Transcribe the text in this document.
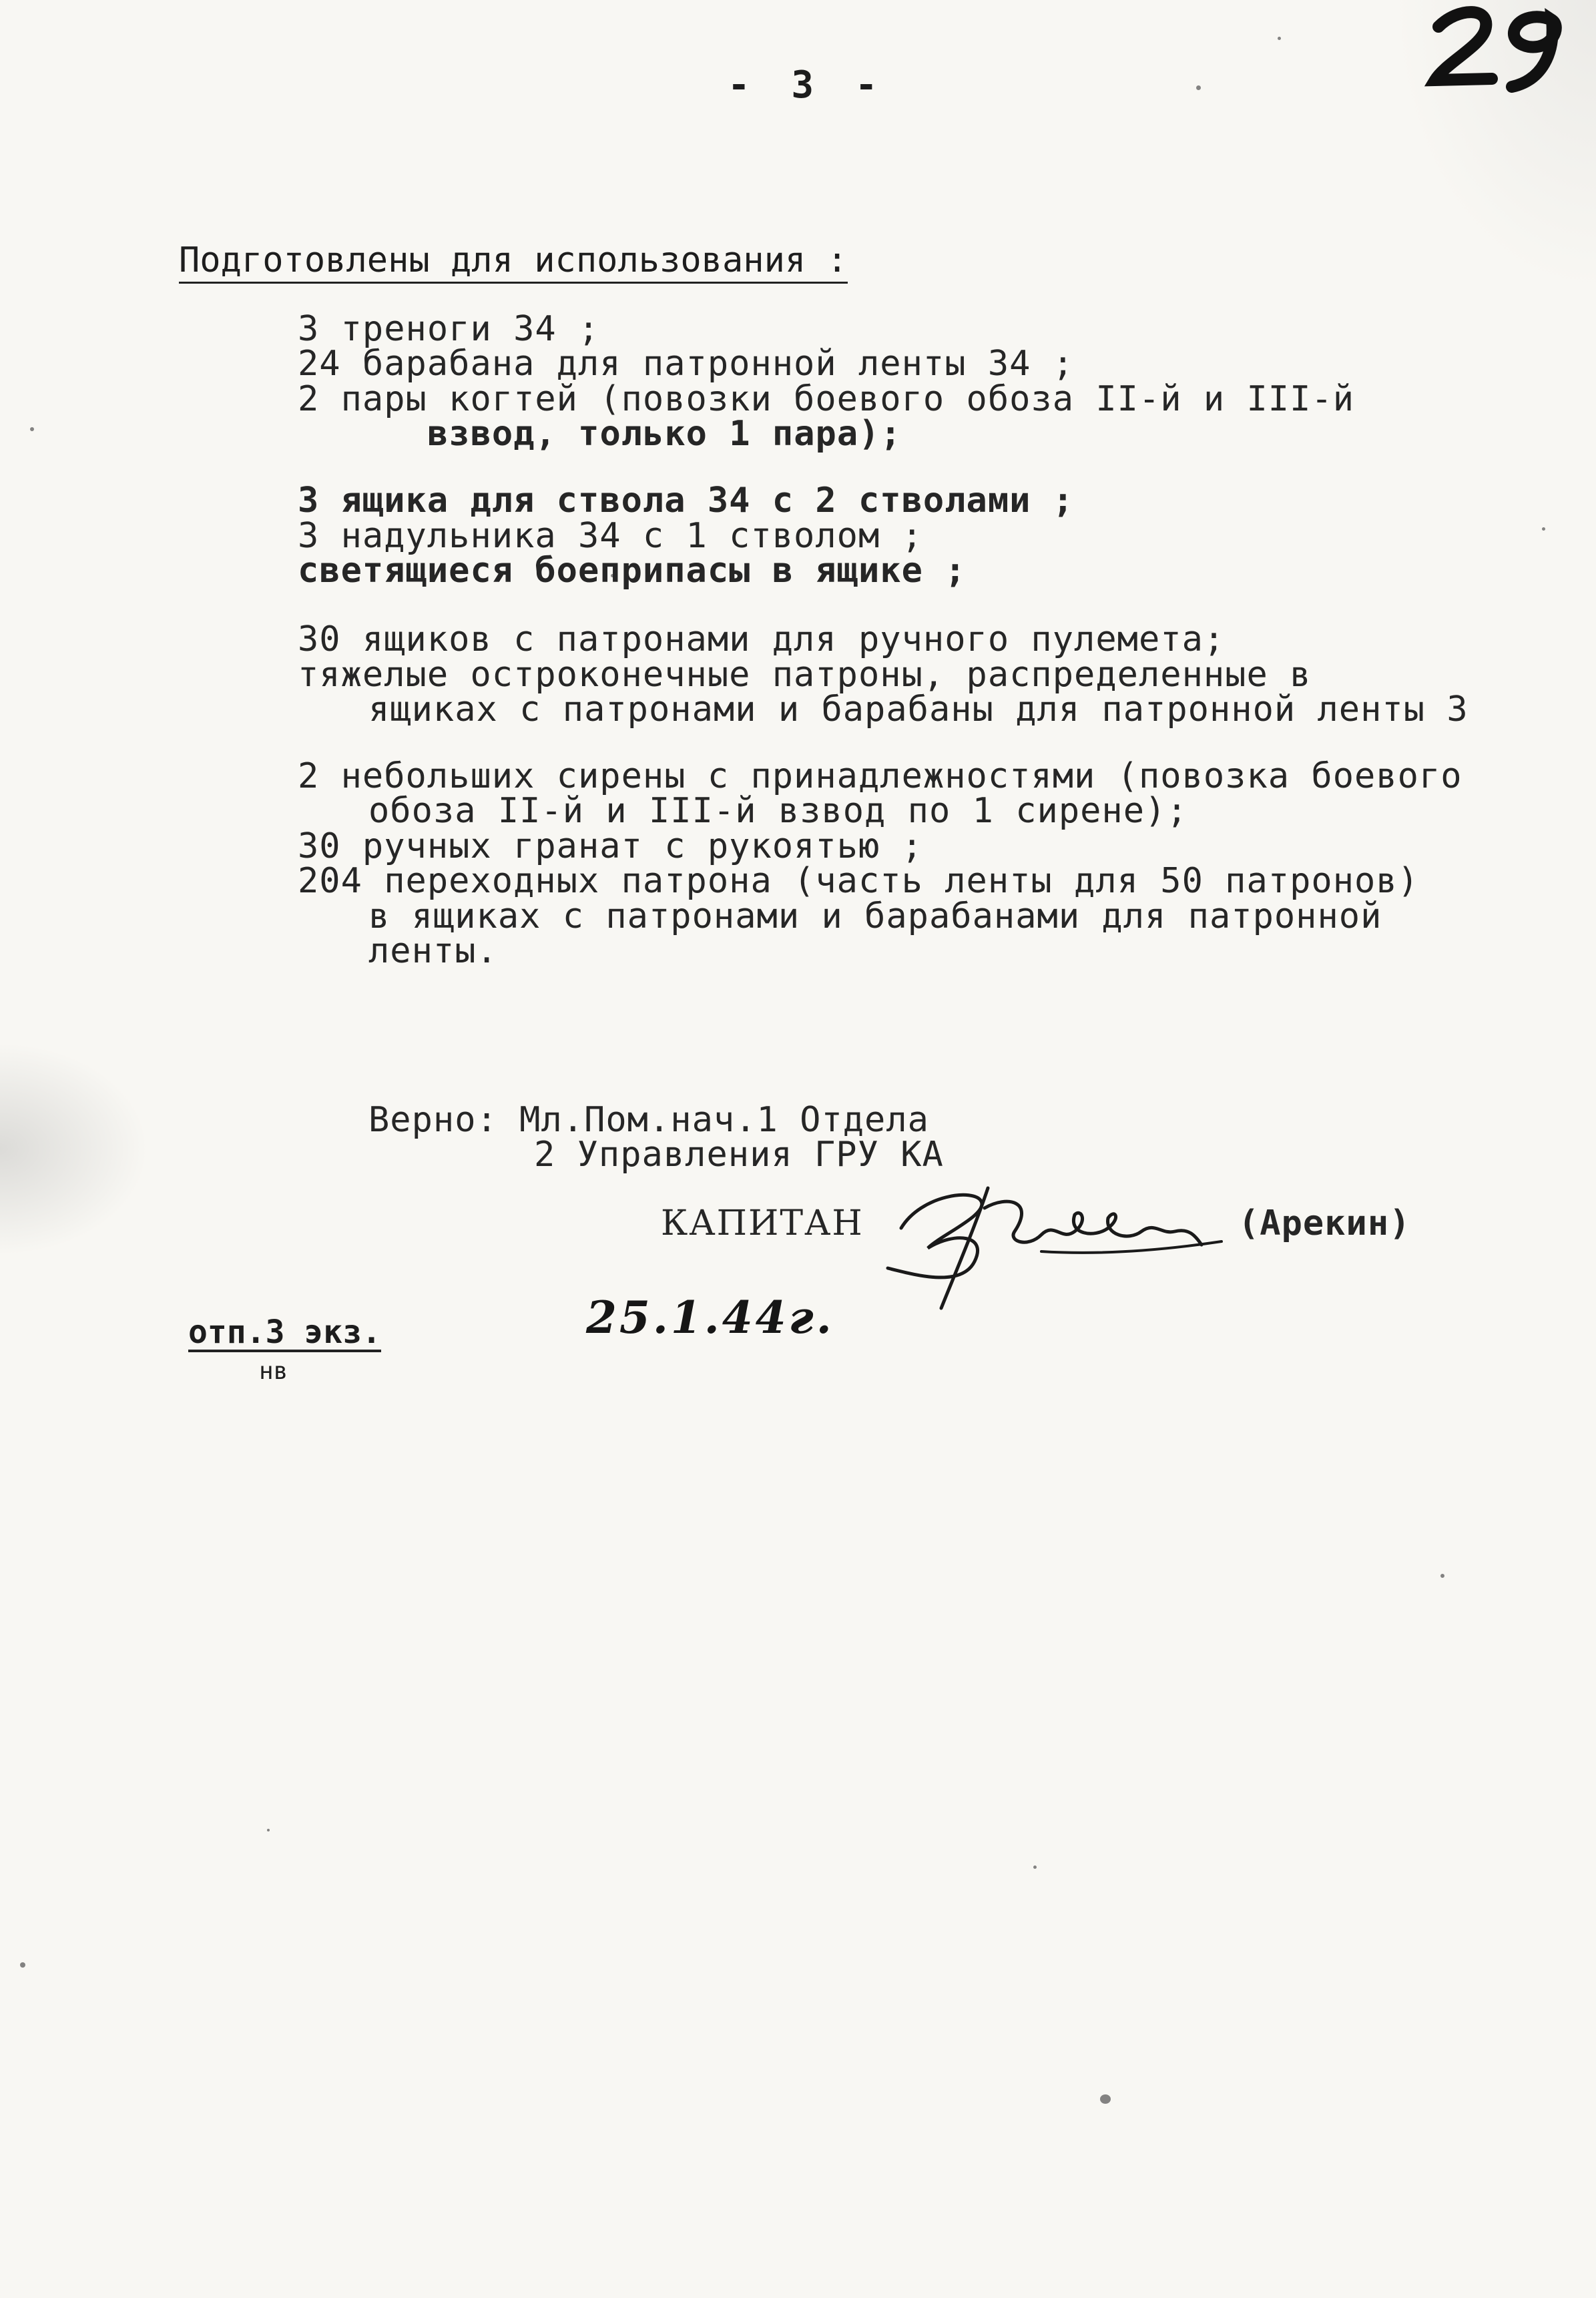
- 3 -
Подготовлены для использования :
3 треноги 34 ;
24 барабана для патронной ленты 34 ;
2 пары когтей (повозки боевого обоза II-й и III-й
взвод, только 1 пара);
3 ящика для ствола 34 с 2 стволами ;
3 надульника 34 с 1 стволом ;
светящиеся боеприпасы в ящике ;
30 ящиков с патронами для ручного пулемета;
тяжелые остроконечные патроны, распределенные в
ящиках с патронами и барабаны для патронной ленты 3
2 небольших сирены с принадлежностями (повозка боевого
обоза II-й и III-й взвод по 1 сирене);
30 ручных гранат с рукоятью ;
204 переходных патрона (часть ленты для 50 патронов)
в ящиках с патронами и барабанами для патронной
ленты.
Верно: Мл.Пом.нач.1 Отдела
2 Управления ГРУ КА
КАПИТАН	(Арекин)
25.1.44г.
отп.3 экз.
нв
